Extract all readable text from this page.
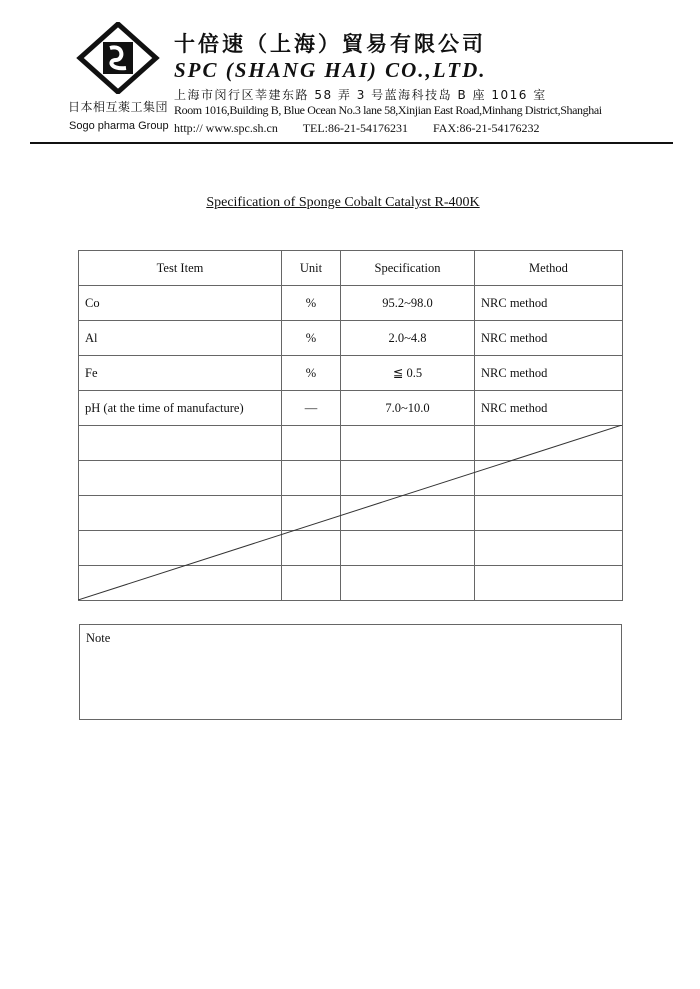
日本相互薬工集団
Sogo pharma Group
十倍速（上海）貿易有限公司
SPC (SHANG HAI) CO.,LTD.
上海市闵行区莘建东路 58 弄 3 号蓝海科技岛 B 座 1016 室
Room 1016,Building B, Blue Ocean No.3 lane 58,Xinjian East Road,Minhang District,Shanghai
http:// www.spc.sh.cn TEL:86-21-54176231 FAX:86-21-54176232
Specification of Sponge Cobalt Catalyst R-400K
Test Item	Unit	Specification	Method
Co	%	95.2~98.0	NRC method
Al	%	2.0~4.8	NRC method
Fe	%	≦ 0.5	NRC method
pH (at the time of manufacture)	—	7.0~10.0	NRC method

Note
